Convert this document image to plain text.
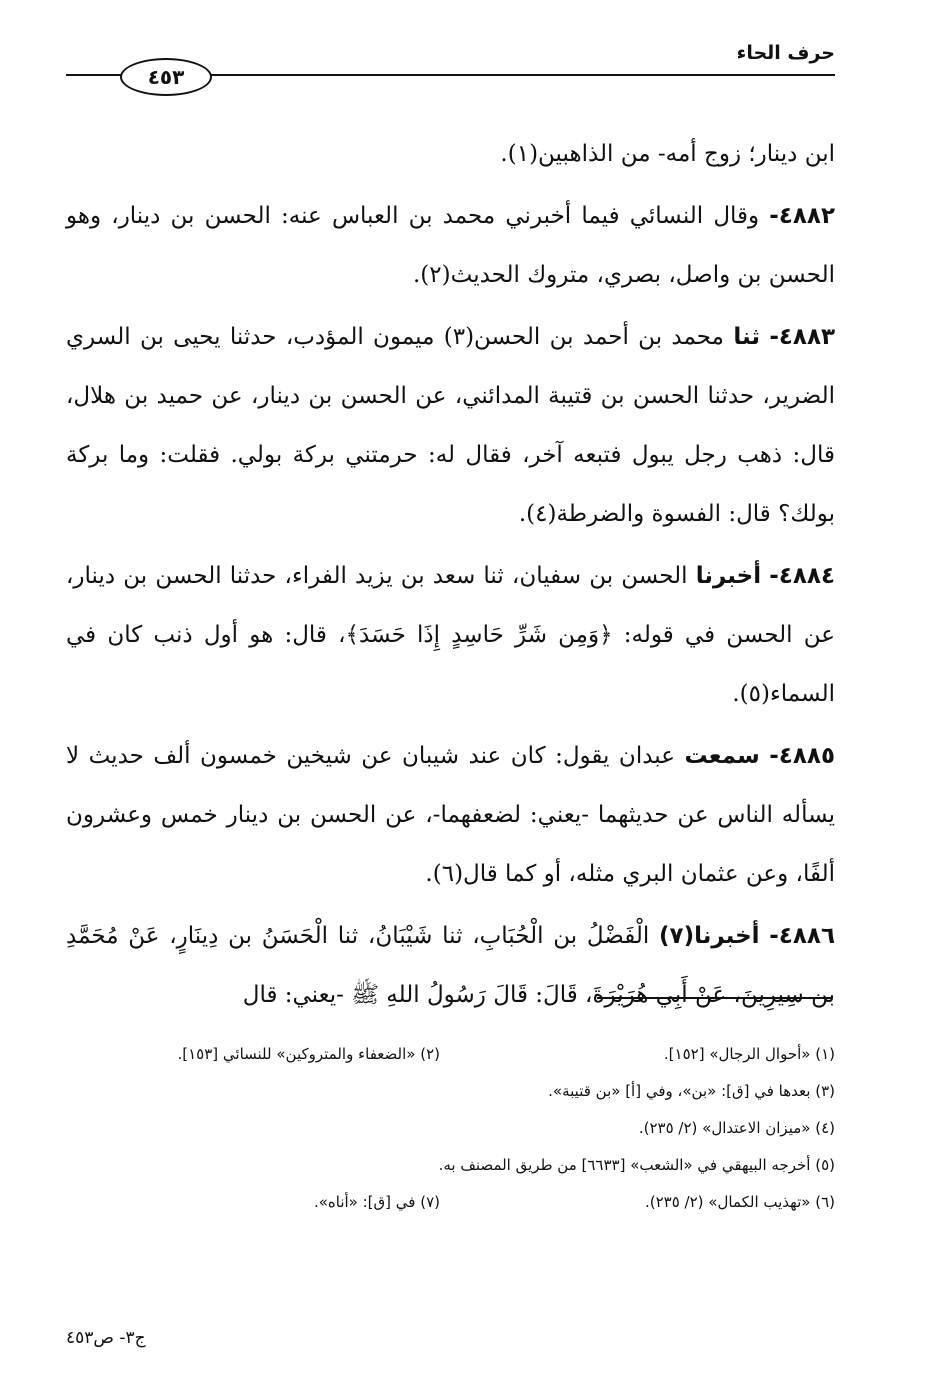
حرف الحاء
٤٥٣

ابن دينار؛ زوج أمه- من الذاهبين(١).

٤٨٨٢- وقال النسائي فيما أخبرني محمد بن العباس عنه: الحسن بن دينار، وهو الحسن بن واصل، بصري، متروك الحديث(٢).

٤٨٨٣- ثنا محمد بن أحمد بن الحسن(٣) ميمون المؤدب، حدثنا يحيى بن السري الضرير، حدثنا الحسن بن قتيبة المدائني، عن الحسن بن دينار، عن حميد بن هلال، قال: ذهب رجل يبول فتبعه آخر، فقال له: حرمتني بركة بولي. فقلت: وما بركة بولك؟ قال: الفسوة والضرطة(٤).

٤٨٨٤- أخبرنا الحسن بن سفيان، ثنا سعد بن يزيد الفراء، حدثنا الحسن بن دينار، عن الحسن في قوله: ﴿وَمِن شَرِّ حَاسِدٍ إِذَا حَسَدَ﴾، قال: هو أول ذنب كان في السماء(٥).

٤٨٨٥- سمعت عبدان يقول: كان عند شيبان عن شيخين خمسون ألف حديث لا يسأله الناس عن حديثهما -يعني: لضعفهما-، عن الحسن بن دينار خمس وعشرون ألفًا، وعن عثمان البري مثله، أو كما قال(٦).

٤٨٨٦- أخبرنا(٧) الْفَضْلُ بن الْحُبَابِ، ثنا شَيْبَانُ، ثنا الْحَسَنُ بن دِينَارٍ، عَنْ مُحَمَّدِ بن سِيرِينَ، عَنْ أَبِي هُرَيْرَةَ، قَالَ: قَالَ رَسُولُ اللهِ ﷺ -يعني: قال

(١) «أحوال الرجال» [١٥٢].(٢) «الضعفاء والمتروكين» للنسائي [١٥٣].
(٣) بعدها في [ق]: «بن»، وفي [أ] «بن قتيبة».
(٤) «ميزان الاعتدال» (٢/ ٢٣٥).
(٥) أخرجه البيهقي في «الشعب» [٦٦٣٣] من طريق المصنف به.
(٦) «تهذيب الكمال» (٢/ ٢٣٥).(٧) في [ق]: «أناه».
ج٣- ص٤٥٣
